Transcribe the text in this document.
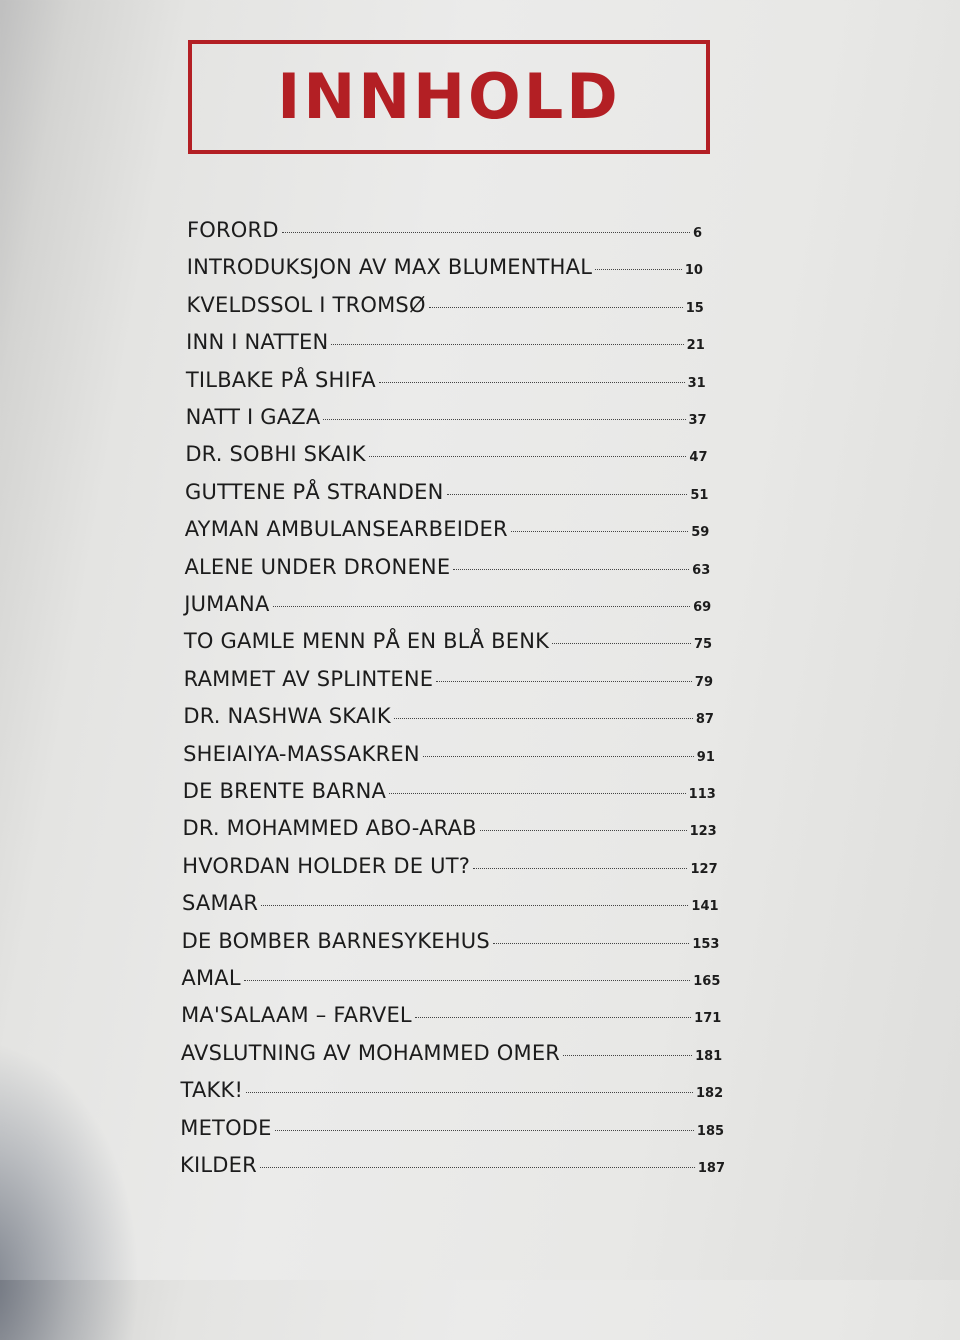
INNHOLD
FORORD	6
INTRODUKSJON AV MAX BLUMENTHAL	10
KVELDSSOL I TROMSØ	15
INN I NATTEN	21
TILBAKE PÅ SHIFA	31
NATT I GAZA	37
DR. SOBHI SKAIK	47
GUTTENE PÅ STRANDEN	51
AYMAN AMBULANSEARBEIDER	59
ALENE UNDER DRONENE	63
JUMANA	69
TO GAMLE MENN PÅ EN BLÅ BENK	75
RAMMET AV SPLINTENE	79
DR. NASHWA SKAIK	87
SHEIAIYA-MASSAKREN	91
DE BRENTE BARNA	113
DR. MOHAMMED ABO-ARAB	123
HVORDAN HOLDER DE UT?	127
SAMAR	141
DE BOMBER BARNESYKEHUS	153
AMAL	165
MA'SALAAM – FARVEL	171
AVSLUTNING AV MOHAMMED OMER	181
TAKK!	182
METODE	185
KILDER	187
